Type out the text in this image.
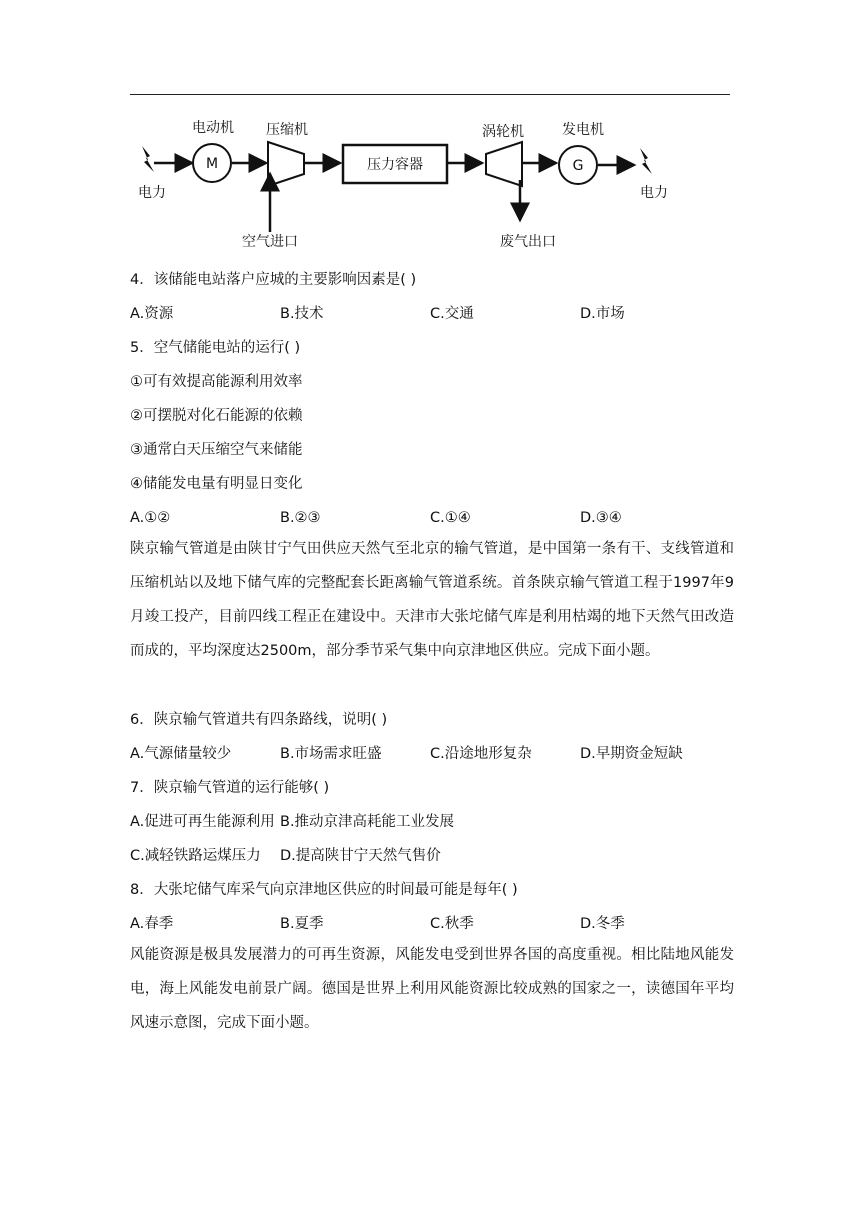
电力
M
电动机 压缩机
空气进口
压力容器
涡轮机
废气出口
G
发电机
电力
4．该储能电站落户应城的主要影响因素是( )
A.资源	B.技术	C.交通	D.市场
5．空气储能电站的运行( )
①可有效提高能源利用效率
②可摆脱对化石能源的依赖
③通常白天压缩空气来储能
④储能发电量有明显日变化
A.①②	B.②③	C.①④	D.③④
陕京输气管道是由陕甘宁气田供应天然气至北京的输气管道，是中国第一条有干、支线管道和压缩机站以及地下储气库的完整配套长距离输气管道系统。首条陕京输气管道工程于1997年9月竣工投产，目前四线工程正在建设中。天津市大张坨储气库是利用枯竭的地下天然气田改造而成的，平均深度达2500m，部分季节采气集中向京津地区供应。完成下面小题。
6．陕京输气管道共有四条路线，说明( )
A.气源储量较少	B.市场需求旺盛	C.沿途地形复杂	D.早期资金短缺
7．陕京输气管道的运行能够( )
A.促进可再生能源利用 B.推动京津高耗能工业发展
C.减轻铁路运煤压力 D.提高陕甘宁天然气售价
8．大张坨储气库采气向京津地区供应的时间最可能是每年( )
A.春季	B.夏季	C.秋季	D.冬季
风能资源是极具发展潜力的可再生资源，风能发电受到世界各国的高度重视。相比陆地风能发电，海上风能发电前景广阔。德国是世界上利用风能资源比较成熟的国家之一，读德国年平均风速示意图，完成下面小题。
